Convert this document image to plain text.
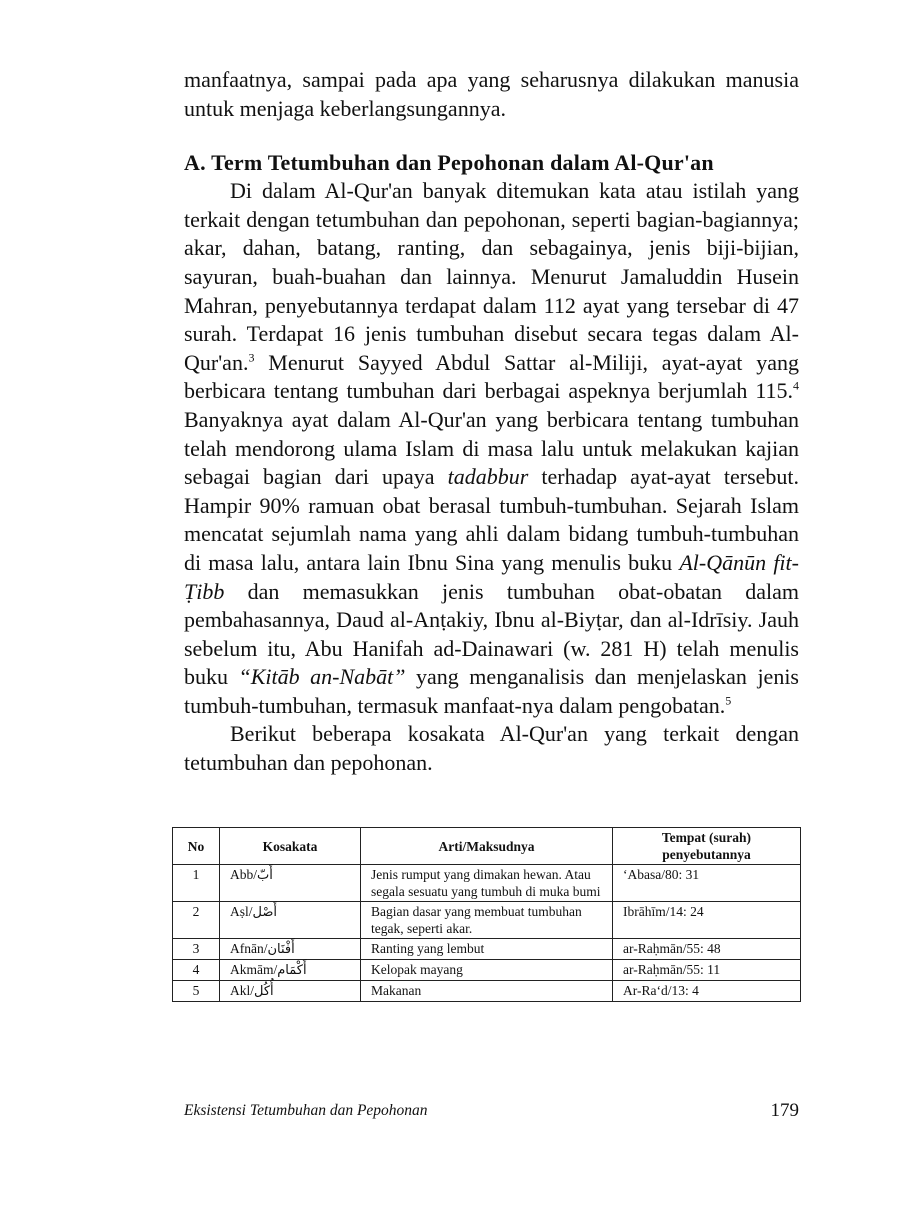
manfaatnya, sampai pada apa yang seharusnya dilakukan manusia untuk menjaga keberlangsungannya.

A. Term Tetumbuhan dan Pepohonan dalam Al-Qur'an

Di dalam Al-Qur'an banyak ditemukan kata atau istilah yang terkait dengan tetumbuhan dan pepohonan, seperti bagian-bagiannya; akar, dahan, batang, ranting, dan sebagainya, jenis biji-bijian, sayuran, buah-buahan dan lainnya. Menurut Jamaluddin Husein Mahran, penyebutannya terdapat dalam 112 ayat yang tersebar di 47 surah. Terdapat 16 jenis tumbuhan disebut secara tegas dalam Al-Qur'an.$^3$ Menurut Sayyed Abdul Sattar al-Miliji, ayat-ayat yang berbicara tentang tumbuhan dari berbagai aspeknya berjumlah 115.$^4$ Banyaknya ayat dalam Al-Qur'an yang berbicara tentang tumbuhan telah mendorong ulama Islam di masa lalu untuk melakukan kajian sebagai bagian dari upaya tadabbur terhadap ayat-ayat tersebut. Hampir 90% ramuan obat berasal tumbuh-tumbuhan. Sejarah Islam mencatat sejumlah nama yang ahli dalam bidang tumbuh-tumbuhan di masa lalu, antara lain Ibnu Sina yang menulis buku Al-Qānūn fit-Ṭibb dan memasukkan jenis tumbuhan obat-obatan dalam pembahasannya, Daud al-Anṭakiy, Ibnu al-Biyṭar, dan al-Idrīsiy. Jauh sebelum itu, Abu Hanifah ad-Dainawari (w. 281 H) telah menulis buku “Kitāb an-Nabāt” yang menganalisis dan menjelaskan jenis tumbuh-tumbuhan, termasuk manfaat-nya dalam pengobatan.$^5$

Berikut beberapa kosakata Al-Qur'an yang terkait dengan tetumbuhan dan pepohonan.

No	Kosakata	Arti/Maksudnya	Tempat (surah) penyebutannya
1	Abb/أَبّ	Jenis rumput yang dimakan hewan. Atau segala sesuatu yang tumbuh di muka bumi	‘Abasa/80: 31
2	Aṣl/أَصْل	Bagian dasar yang membuat tumbuhan tegak, seperti akar.	Ibrāhīm/14: 24
3	Afnān/أَفْنَان	Ranting yang lembut	ar-Raḥmān/55: 48
4	Akmām/أَكْمَام	Kelopak mayang	ar-Raḥmān/55: 11
5	Akl/أُكُل	Makanan	Ar-Ra‘d/13: 4
Eksistensi Tetumbuhan dan Pepohonan	179
